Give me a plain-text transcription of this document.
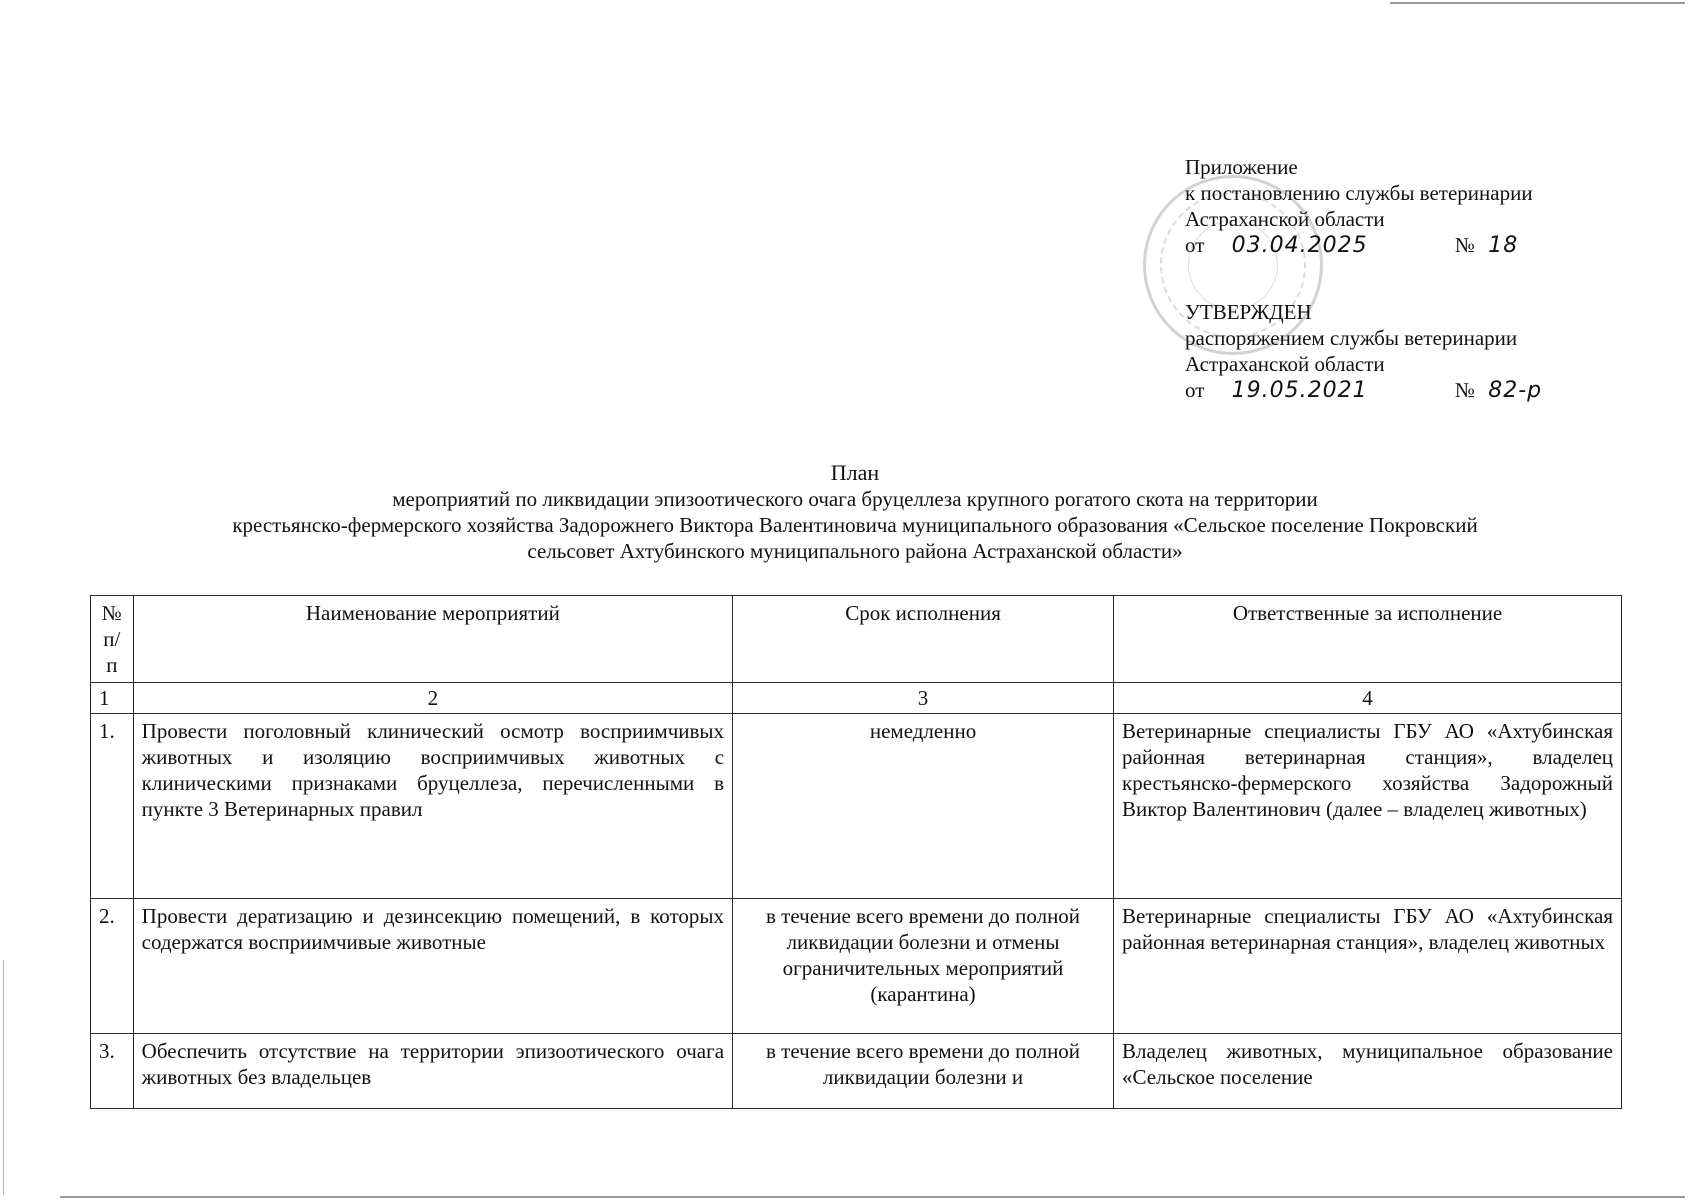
Приложение
к постановлению службы ветеринарии
Астраханской области
от 03.04.2025	№ 18
УТВЕРЖДЕН
распоряжением службы ветеринарии
Астраханской области
от 19.05.2021	№ 82-р
План
мероприятий по ликвидации эпизоотического очага бруцеллеза крупного рогатого скота на территории
крестьянско-фермерского хозяйства Задорожнего Виктора Валентиновича муниципального образования «Сельское поселение Покровский
сельсовет Ахтубинского муниципального района Астраханской области»
№ п/п	Наименование мероприятий	Срок исполнения	Ответственные за исполнение
1	2	3	4
1.	Провести поголовный клинический осмотр восприимчивых животных и изоляцию восприимчивых животных с клиническими признаками бруцеллеза, перечисленными в пункте 3 Ветеринарных правил	немедленно	Ветеринарные специалисты ГБУ АО «Ахтубинская районная ветеринарная станция», владелец крестьянско-фермерского хозяйства Задорожный Виктор Валентинович (далее – владелец животных)
2.	Провести дератизацию и дезинсекцию помещений, в которых содержатся восприимчивые животные	в течение всего времени до полной ликвидации болезни и отмены ограничительных мероприятий (карантина)	Ветеринарные специалисты ГБУ АО «Ахтубинская районная ветеринарная станция», владелец животных
3.	Обеспечить отсутствие на территории эпизоотического очага животных без владельцев	в течение всего времени до полной ликвидации болезни и	Владелец животных, муниципальное образование «Сельское поселение
